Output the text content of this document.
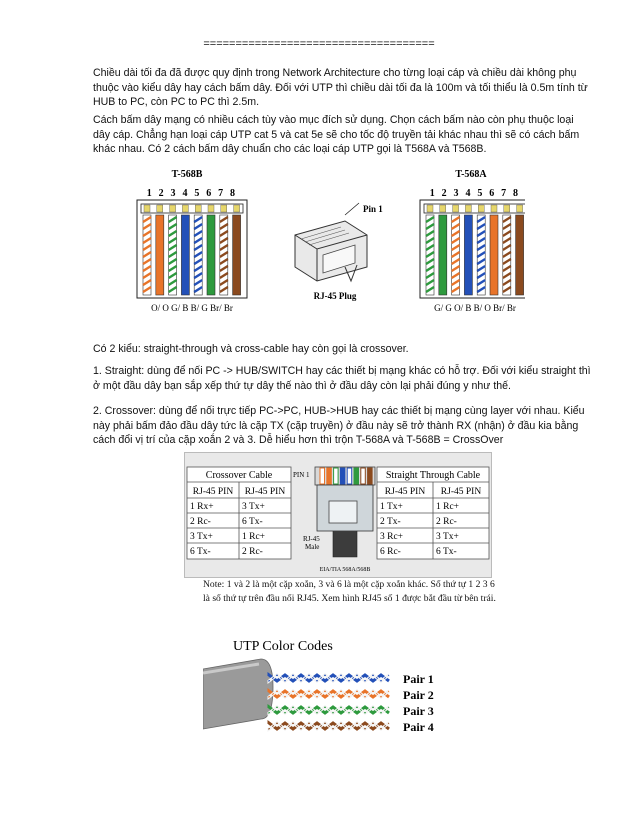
====================================
Chiều dài tối đa đã được quy định trong Network Architecture cho từng loại cáp và chiều dài không phụ thuộc vào kiểu dây hay cách bấm dây. Đối với UTP thì chiều dài tối đa là 100m và tối thiểu là 0.5m tính từ HUB to PC, còn PC to PC thì 2.5m.
Cách bấm dây mạng có nhiều cách tùy vào mục đích sử dụng. Chọn cách bấm nào còn phụ thuộc loại dây cáp. Chẳng hạn loại cáp UTP cat 5 và cat 5e sẽ cho tốc độ truyền tải khác nhau thì sẽ có cách bấm khác nhau. Có 2 cách bấm dây chuẩn cho các loại cáp UTP gọi là T568A và T568B.
T-568B	T-568A
1 2 3 4 5 6 7 8	1 2 3 4 5 6 7 8
O/ O G/ B B/ G Br/ Br	G/ G O/ B B/ O Br/ Br
Pin 1
RJ-45 Plug
Có 2 kiểu: straight-through và cross-cable hay còn gọi là crossover.
1. Straight: dùng để nối PC -> HUB/SWITCH hay các thiết bị mạng khác có hỗ trợ. Đối với kiểu straight thì ở một đầu dây bạn sắp xếp thứ tự dây thế nào thì ở đầu dây còn lại phải đúng y như thế.
2. Crossover: dùng để nối trực tiếp PC->PC, HUB->HUB hay các thiết bị mạng cùng layer với nhau. Kiểu này phải bấm đảo đầu dây tức là cặp TX (cặp truyền) ở đầu này sẽ trở thành RX (nhận) ở đầu kia bằng cách đổi vị trí của cặp xoắn 2 và 3. Dễ hiểu hơn thì trộn T-568A và T-568B = CrossOver
Crossover Cable
RJ-45 PIN RJ-45 PIN
1 Rx+	3 Tx+
2 Rc-	6 Tx-
3 Tx+	1 Rc+
6 Tx-	2 Rc-
PIN 1
RJ-45
Male
EIA/TIA 568A/568B
Straight Through Cable
RJ-45 PIN RJ-45 PIN
1 Tx+	1 Rc+
2 Tx-	2 Rc-
3 Rc+	3 Tx+
6 Rc-	6 Tx-
Note: 1 và 2 là một cặp xoắn, 3 và 6 là một cặp xoắn khác. Số thứ tự 1 2 3 6 là số thứ tự trên đầu nối RJ45. Xem hình RJ45 số 1 được bắt đầu từ bên trái.
UTP Color Codes
Pair 1
Pair 2
Pair 3
Pair 4
